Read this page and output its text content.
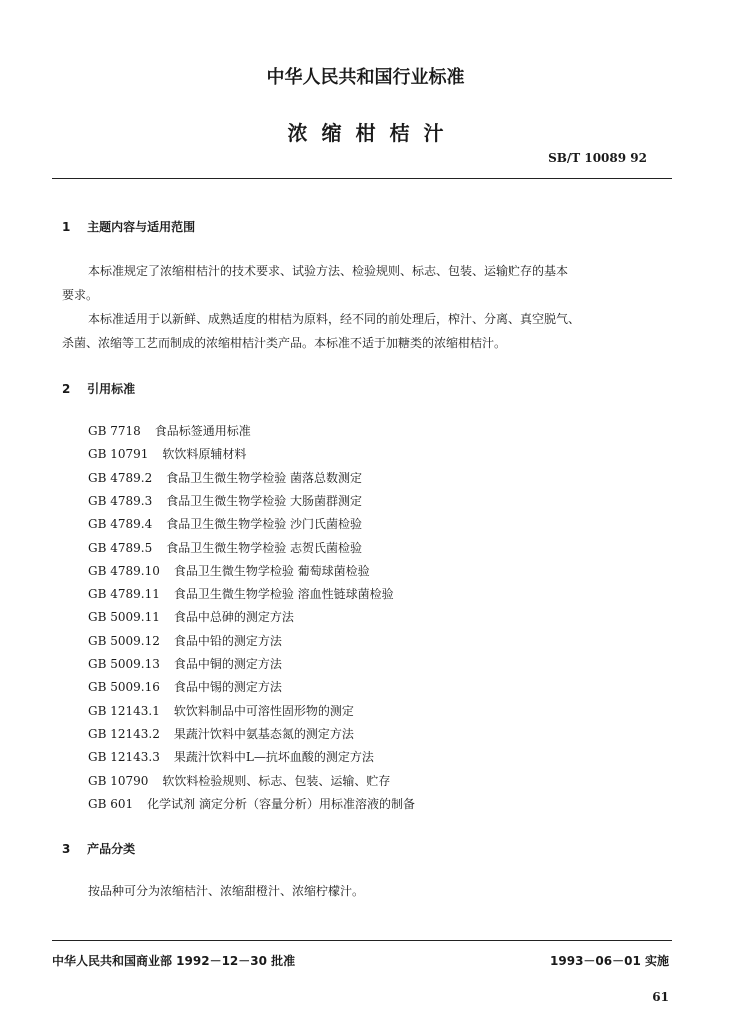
中华人民共和国行业标准
浓缩柑桔汁
SB/T 10089 92
1 主题内容与适用范围
本标准规定了浓缩柑桔汁的技术要求、试验方法、检验规则、标志、包装、运输贮存的基本
要求。
本标准适用于以新鲜、成熟适度的柑桔为原料，经不同的前处理后，榨汁、分离、真空脱气、
杀菌、浓缩等工艺而制成的浓缩柑桔汁类产品。本标准不适于加糖类的浓缩柑桔汁。
2 引用标准
GB 7718 食品标签通用标准
GB 10791 软饮料原辅材料
GB 4789.2 食品卫生微生物学检验 菌落总数测定
GB 4789.3 食品卫生微生物学检验 大肠菌群测定
GB 4789.4 食品卫生微生物学检验 沙门氏菌检验
GB 4789.5 食品卫生微生物学检验 志贺氏菌检验
GB 4789.10 食品卫生微生物学检验 葡萄球菌检验
GB 4789.11 食品卫生微生物学检验 溶血性链球菌检验
GB 5009.11 食品中总砷的测定方法
GB 5009.12 食品中铅的测定方法
GB 5009.13 食品中铜的测定方法
GB 5009.16 食品中锡的测定方法
GB 12143.1 软饮料制品中可溶性固形物的测定
GB 12143.2 果蔬汁饮料中氨基态氮的测定方法
GB 12143.3 果蔬汁饮料中L—抗坏血酸的测定方法
GB 10790 软饮料检验规则、标志、包装、运输、贮存
GB 601 化学试剂 滴定分析（容量分析）用标准溶液的制备
3 产品分类
按品种可分为浓缩桔汁、浓缩甜橙汁、浓缩柠檬汁。
中华人民共和国商业部 1992－12－30 批准	1993－06－01 实施
61
